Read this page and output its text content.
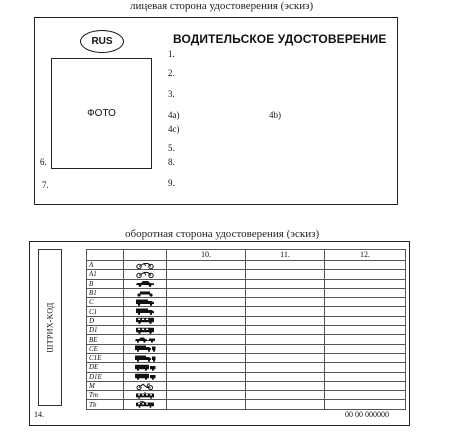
лицевая сторона удостоверения (эскиз)
RUS	ВОДИТЕЛЬСКОЕ УДОСТОВЕРЕНИЕ
ФОТО
1.
2.
3.
4a)	4b)
4c)
5.
6.	8.
7.	9.
оборотная сторона удостоверения (эскиз)
ШТРИХ-КОД
		10.	11.	12.
A	

A1	

B	

B1	

C	

C1	

D	

D1	

BE	

CE	

C1E	

DE	

D1E	

M	

Tm	

Tb	

14.	00 00 000000
